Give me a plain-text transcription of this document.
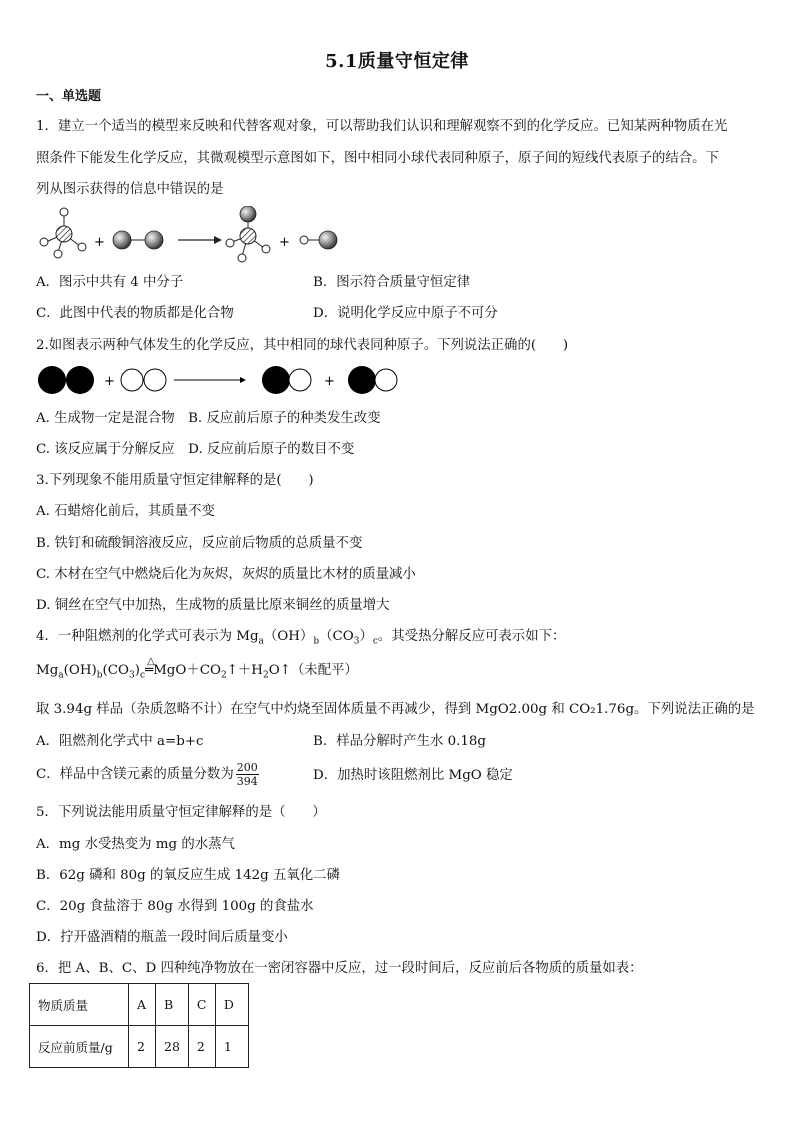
5.1质量守恒定律
一、单选题
1．建立一个适当的模型来反映和代替客观对象，可以帮助我们认识和理解观察不到的化学反应。已知某两种物质在光
照条件下能发生化学反应，其微观模型示意图如下，图中相同小球代表同种原子，原子间的短线代表原子的结合。下
列从图示获得的信息中错误的是
+	+
A．图示中共有 4 中分子	B．图示符合质量守恒定律
C．此图中代表的物质都是化合物	D．说明化学反应中原子不可分
2.如图表示两种气体发生的化学反应，其中相同的球代表同种原子。下列说法正确的(　　)
+	+
A. 生成物一定是混合物　B. 反应前后原子的种类发生改变
C. 该反应属于分解反应　D. 反应前后原子的数目不变
3.下列现象不能用质量守恒定律解释的是(　　)
A. 石蜡熔化前后，其质量不变
B. 铁钉和硫酸铜溶液反应，反应前后物质的总质量不变
C. 木材在空气中燃烧后化为灰烬，灰烬的质量比木材的质量减小
D. 铜丝在空气中加热，生成物的质量比原来铜丝的质量增大
4．一种阻燃剂的化学式可表示为 $Mg_a(OH)_b(CO_3)_c$。其受热分解反应可表示如下：
$Mg_a(OH)_b(CO_3)_c$
△
$═MgO+CO_2↑+H_2O↑$（未配平）
取 3.94g 样品（杂质忽略不计）在空气中灼烧至固体质量不再减少，得到 MgO2.00g 和 CO₂1.76g。下列说法正确的是
A．阻燃剂化学式中 a=b+c	B．样品分解时产生水 0.18g
C．样品中含镁元素的质量分数为 $\frac{200}{394}$	D．加热时该阻燃剂比 MgO 稳定
5．下列说法能用质量守恒定律解释的是（　　）
A．mg 水受热变为 mg 的水蒸气
B．62g 磷和 80g 的氧反应生成 142g 五氧化二磷
C．20g 食盐溶于 80g 水得到 100g 的食盐水
D．拧开盛酒精的瓶盖一段时间后质量变小
6．把 A、B、C、D 四种纯净物放在一密闭容器中反应，过一段时间后，反应前后各物质的质量如表：
物质质量	A	B	C	D
反应前质量/g	2	28	2	1
